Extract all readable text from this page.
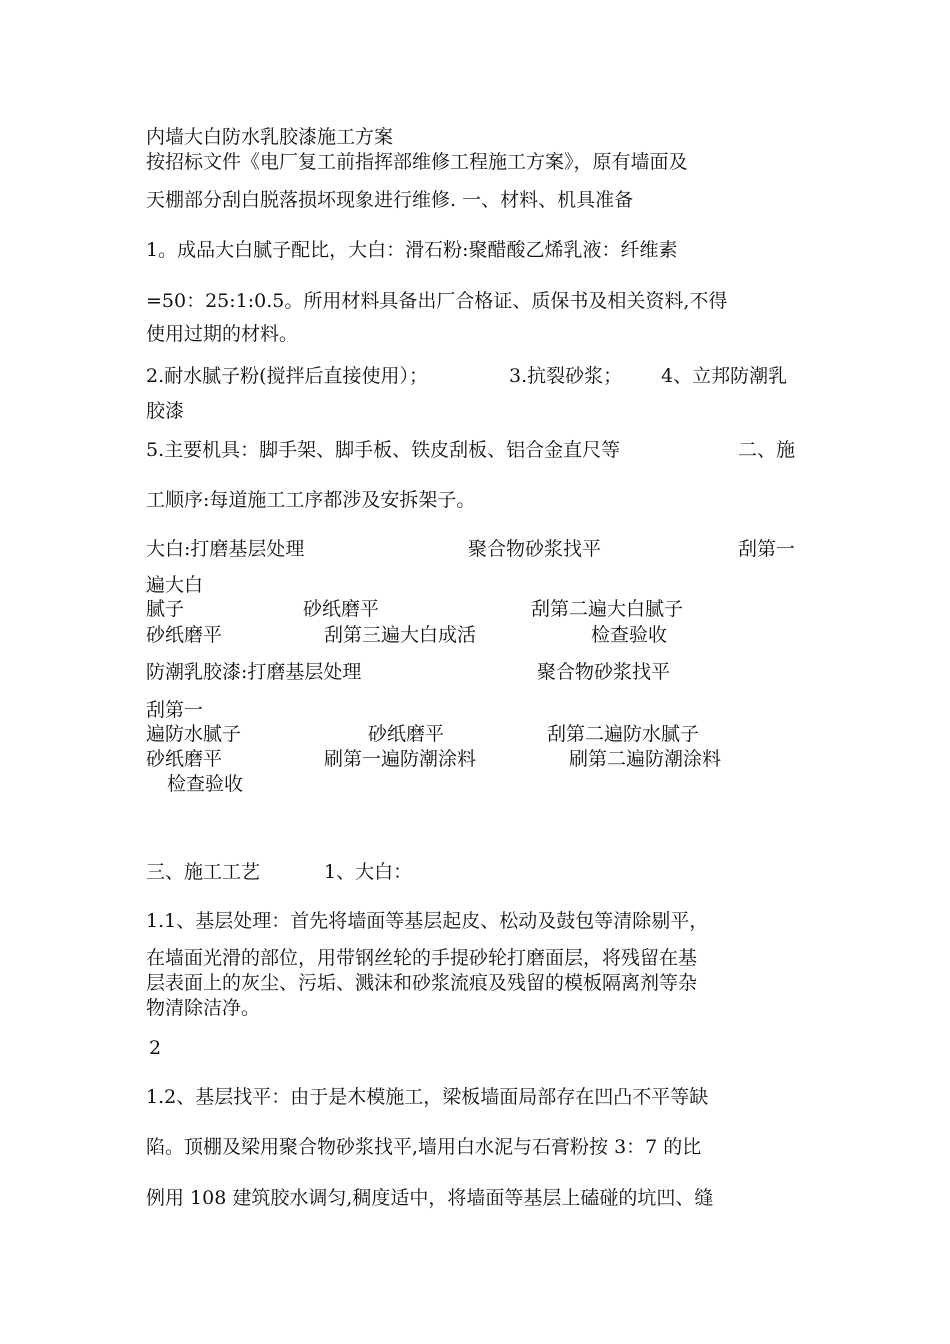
内墙大白防水乳胶漆施工方案
按招标文件《电厂复工前指挥部维修工程施工方案》，原有墙面及
天棚部分刮白脱落损坏现象进行维修. 一、材料、机具准备
1。成品大白腻子配比，大白：滑石粉:聚醋酸乙烯乳液：纤维素
=50：25:1:0.5。所用材料具备出厂合格证、质保书及相关资料,不得
使用过期的材料。
2.耐水腻子粉(搅拌后直接使用）；	3.抗裂砂浆； 4、立邦防潮乳
胶漆
5.主要机具：脚手架、脚手板、铁皮刮板、铝合金直尺等	二、施
工顺序:每道施工工序都涉及安拆架子。
大白:打磨基层处理	聚合物砂浆找平	刮第一
遍大白
腻子	砂纸磨平	刮第二遍大白腻子
砂纸磨平	刮第三遍大白成活	检查验收
防潮乳胶漆:打磨基层处理	聚合物砂浆找平
刮第一
遍防水腻子	砂纸磨平	刮第二遍防水腻子
砂纸磨平	刷第一遍防潮涂料	刷第二遍防潮涂料
检查验收
三、施工工艺	1、大白：
1.1、基层处理：首先将墙面等基层起皮、松动及鼓包等清除剔平，
在墙面光滑的部位，用带钢丝轮的手提砂轮打磨面层，将残留在基
层表面上的灰尘、污垢、溅沫和砂浆流痕及残留的模板隔离剂等杂
物清除洁净。
2
1.2、基层找平：由于是木模施工，梁板墙面局部存在凹凸不平等缺
陷。顶棚及梁用聚合物砂浆找平,墙用白水泥与石膏粉按 3：7 的比
例用 108 建筑胶水调匀,稠度适中，将墙面等基层上磕碰的坑凹、缝
